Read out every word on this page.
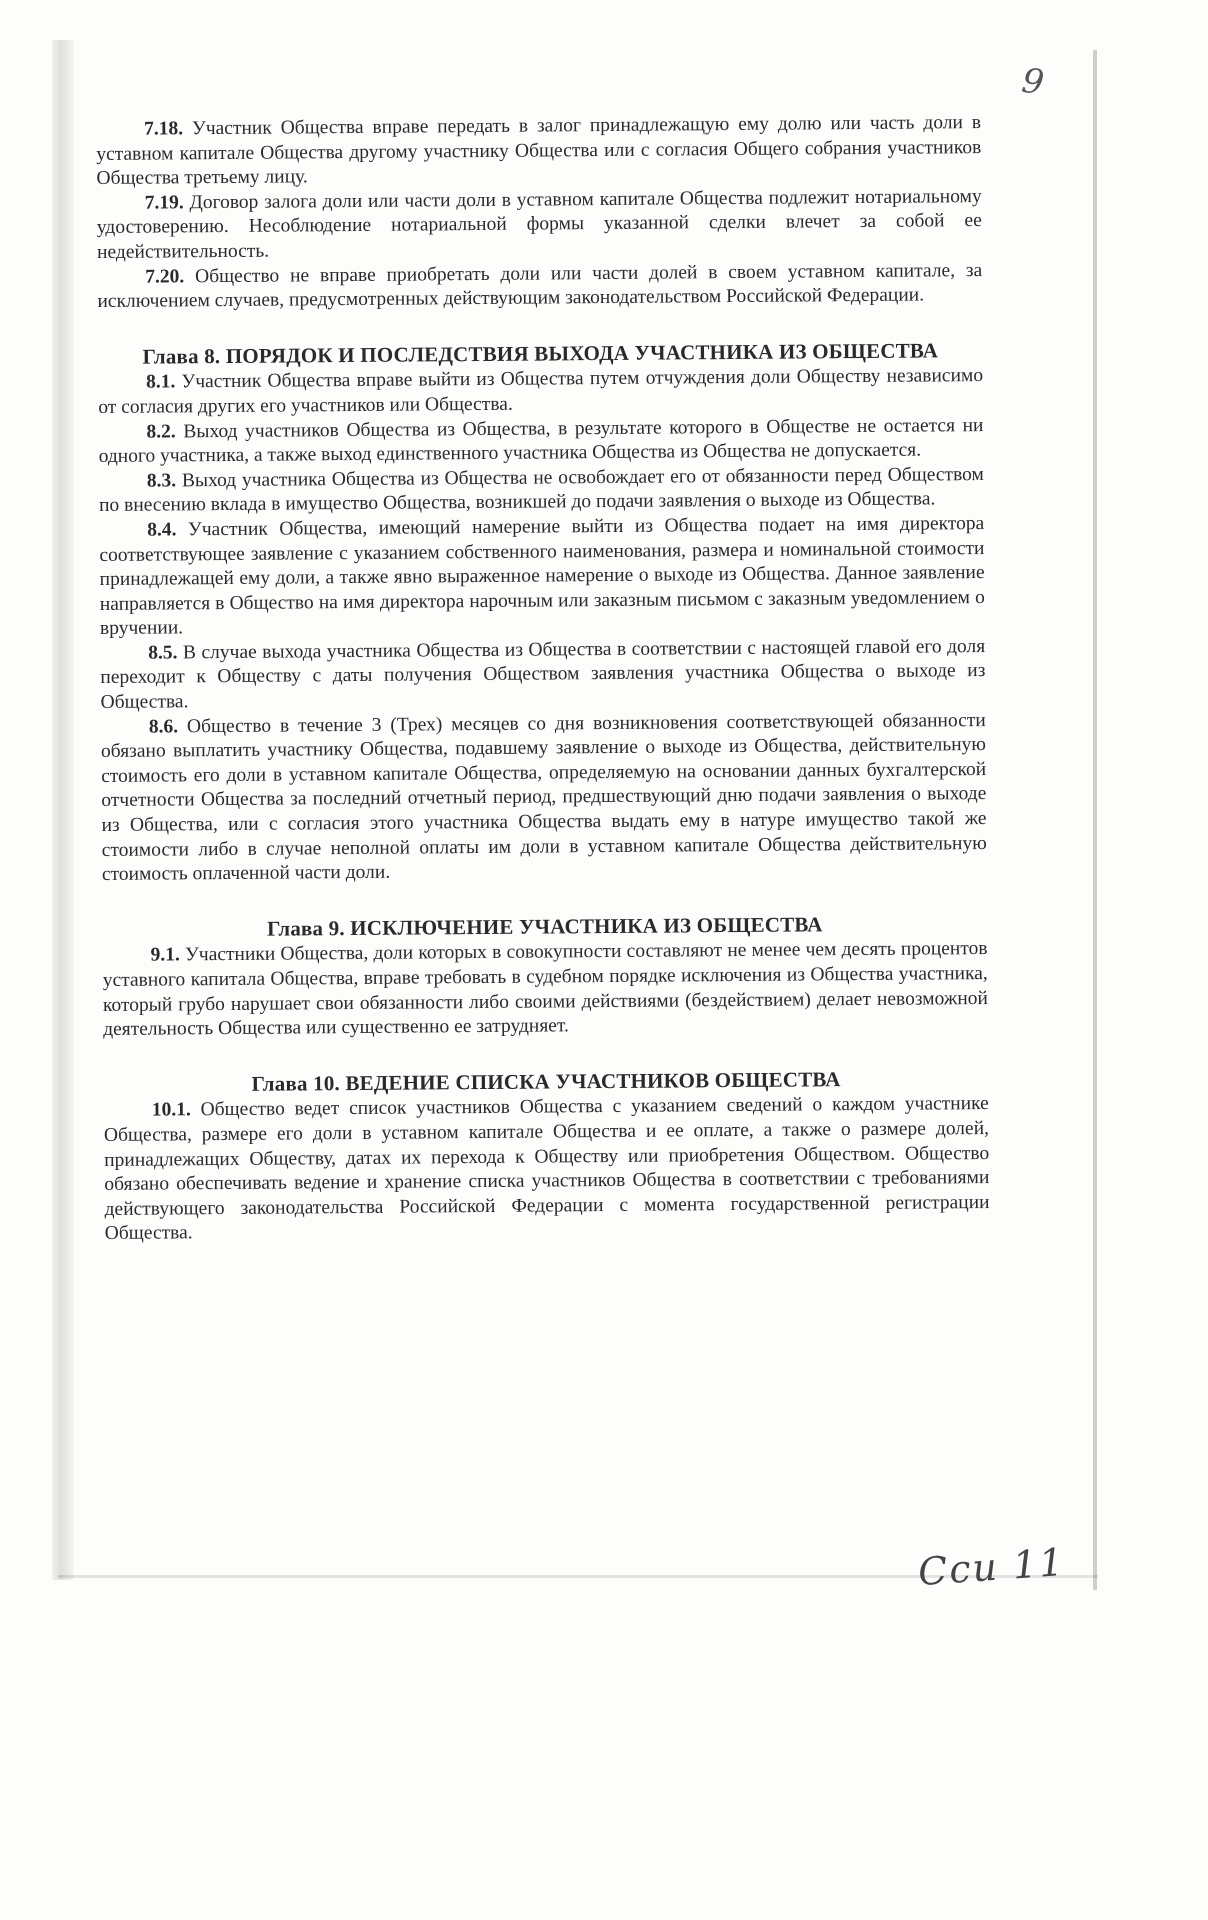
9

7.18. Участник Общества вправе передать в залог принадлежащую ему долю или часть доли в уставном капитале Общества другому участнику Общества или с согласия Общего собрания участников Общества третьему лицу.

7.19. Договор залога доли или части доли в уставном капитале Общества подлежит нотариальному удостоверению. Несоблюдение нотариальной формы указанной сделки влечет за собой ее недействительность.

7.20. Общество не вправе приобретать доли или части долей в своем уставном капитале, за исключением случаев, предусмотренных действующим законодательством Российской Федерации.

Глава 8. ПОРЯДОК И ПОСЛЕДСТВИЯ ВЫХОДА УЧАСТНИКА ИЗ ОБЩЕСТВА

8.1. Участник Общества вправе выйти из Общества путем отчуждения доли Обществу независимо от согласия других его участников или Общества.

8.2. Выход участников Общества из Общества, в результате которого в Обществе не остается ни одного участника, а также выход единственного участника Общества из Общества не допускается.

8.3. Выход участника Общества из Общества не освобождает его от обязанности перед Обществом по внесению вклада в имущество Общества, возникшей до подачи заявления о выходе из Общества.

8.4. Участник Общества, имеющий намерение выйти из Общества подает на имя директора соответствующее заявление с указанием собственного наименования, размера и номинальной стоимости принадлежащей ему доли, а также явно выраженное намерение о выходе из Общества. Данное заявление направляется в Общество на имя директора нарочным или заказным письмом с заказным уведомлением о вручении.

8.5. В случае выхода участника Общества из Общества в соответствии с настоящей главой его доля переходит к Обществу с даты получения Обществом заявления участника Общества о выходе из Общества.

8.6. Общество в течение 3 (Трех) месяцев со дня возникновения соответствующей обязанности обязано выплатить участнику Общества, подавшему заявление о выходе из Общества, действительную стоимость его доли в уставном капитале Общества, определяемую на основании данных бухгалтерской отчетности Общества за последний отчетный период, предшествующий дню подачи заявления о выходе из Общества, или с согласия этого участника Общества выдать ему в натуре имущество такой же стоимости либо в случае неполной оплаты им доли в уставном капитале Общества действительную стоимость оплаченной части доли.

Глава 9. ИСКЛЮЧЕНИЕ УЧАСТНИКА ИЗ ОБЩЕСТВА

9.1. Участники Общества, доли которых в совокупности составляют не менее чем десять процентов уставного капитала Общества, вправе требовать в судебном порядке исключения из Общества участника, который грубо нарушает свои обязанности либо своими действиями (бездействием) делает невозможной деятельность Общества или существенно ее затрудняет.

Глава 10. ВЕДЕНИЕ СПИСКА УЧАСТНИКОВ ОБЩЕСТВА

10.1. Общество ведет список участников Общества с указанием сведений о каждом участнике Общества, размере его доли в уставном капитале Общества и ее оплате, а также о размере долей, принадлежащих Обществу, датах их перехода к Обществу или приобретения Обществом. Общество обязано обеспечивать ведение и хранение списка участников Общества в соответствии с требованиями действующего законодательства Российской Федерации с момента государственной регистрации Общества.

Сси 11
